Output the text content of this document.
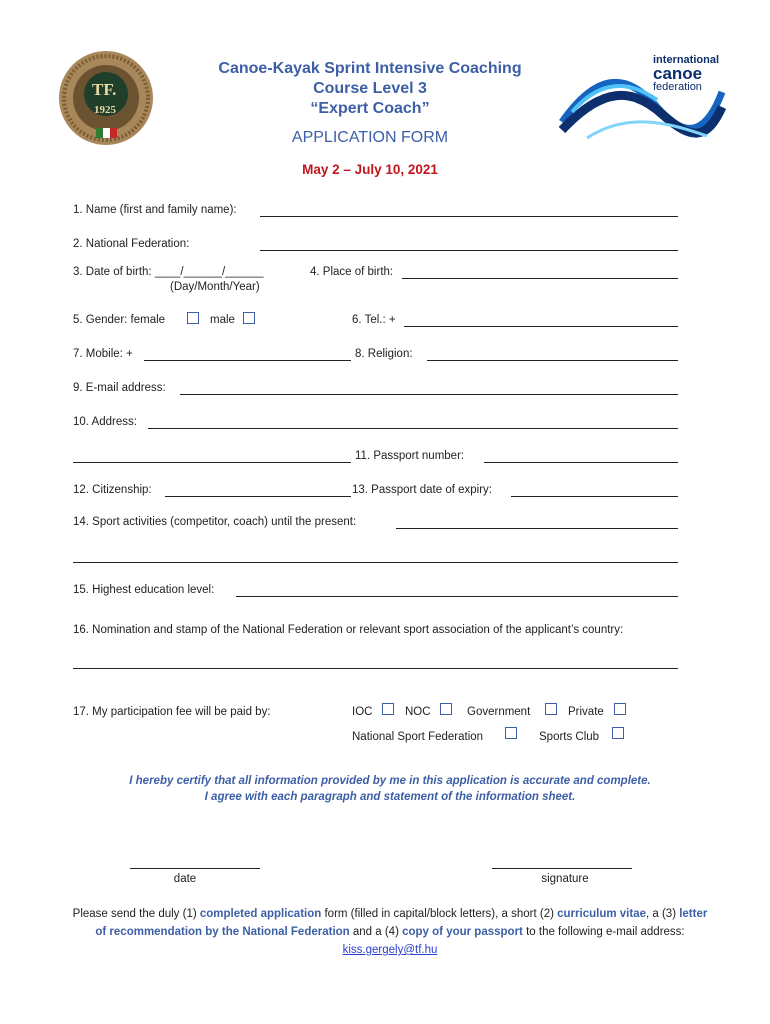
TF.
1925
international
canoe
federation
Canoe-Kayak Sprint Intensive Coaching
Course Level 3
“Expert Coach”
APPLICATION FORM
May 2 – July 10, 2021
1. Name (first and family name):
2. National Federation:
3. Date of birth: ____/______/______
(Day/Month/Year)
4. Place of birth:
5. Gender: female	male	6. Tel.: +
7. Mobile: +	8. Religion:
9. E-mail address:
10. Address:
11. Passport number:
12. Citizenship:	13. Passport date of expiry:
14. Sport activities (competitor, coach) until the present:
15. Highest education level:
16. Nomination and stamp of the National Federation or relevant sport association of the applicant’s country:
17. My participation fee will be paid by:	IOC	NOC	Government	Private
National Sport Federation	Sports Club
I hereby certify that all information provided by me in this application is accurate and complete.
I agree with each paragraph and statement of the information sheet.
date	signature
Please send the duly (1) completed application form (filled in capital/block letters), a short (2) curriculum vitae, a (3) letter of recommendation by the National Federation and a (4) copy of your passport to the following e-mail address: kiss.gergely@tf.hu
